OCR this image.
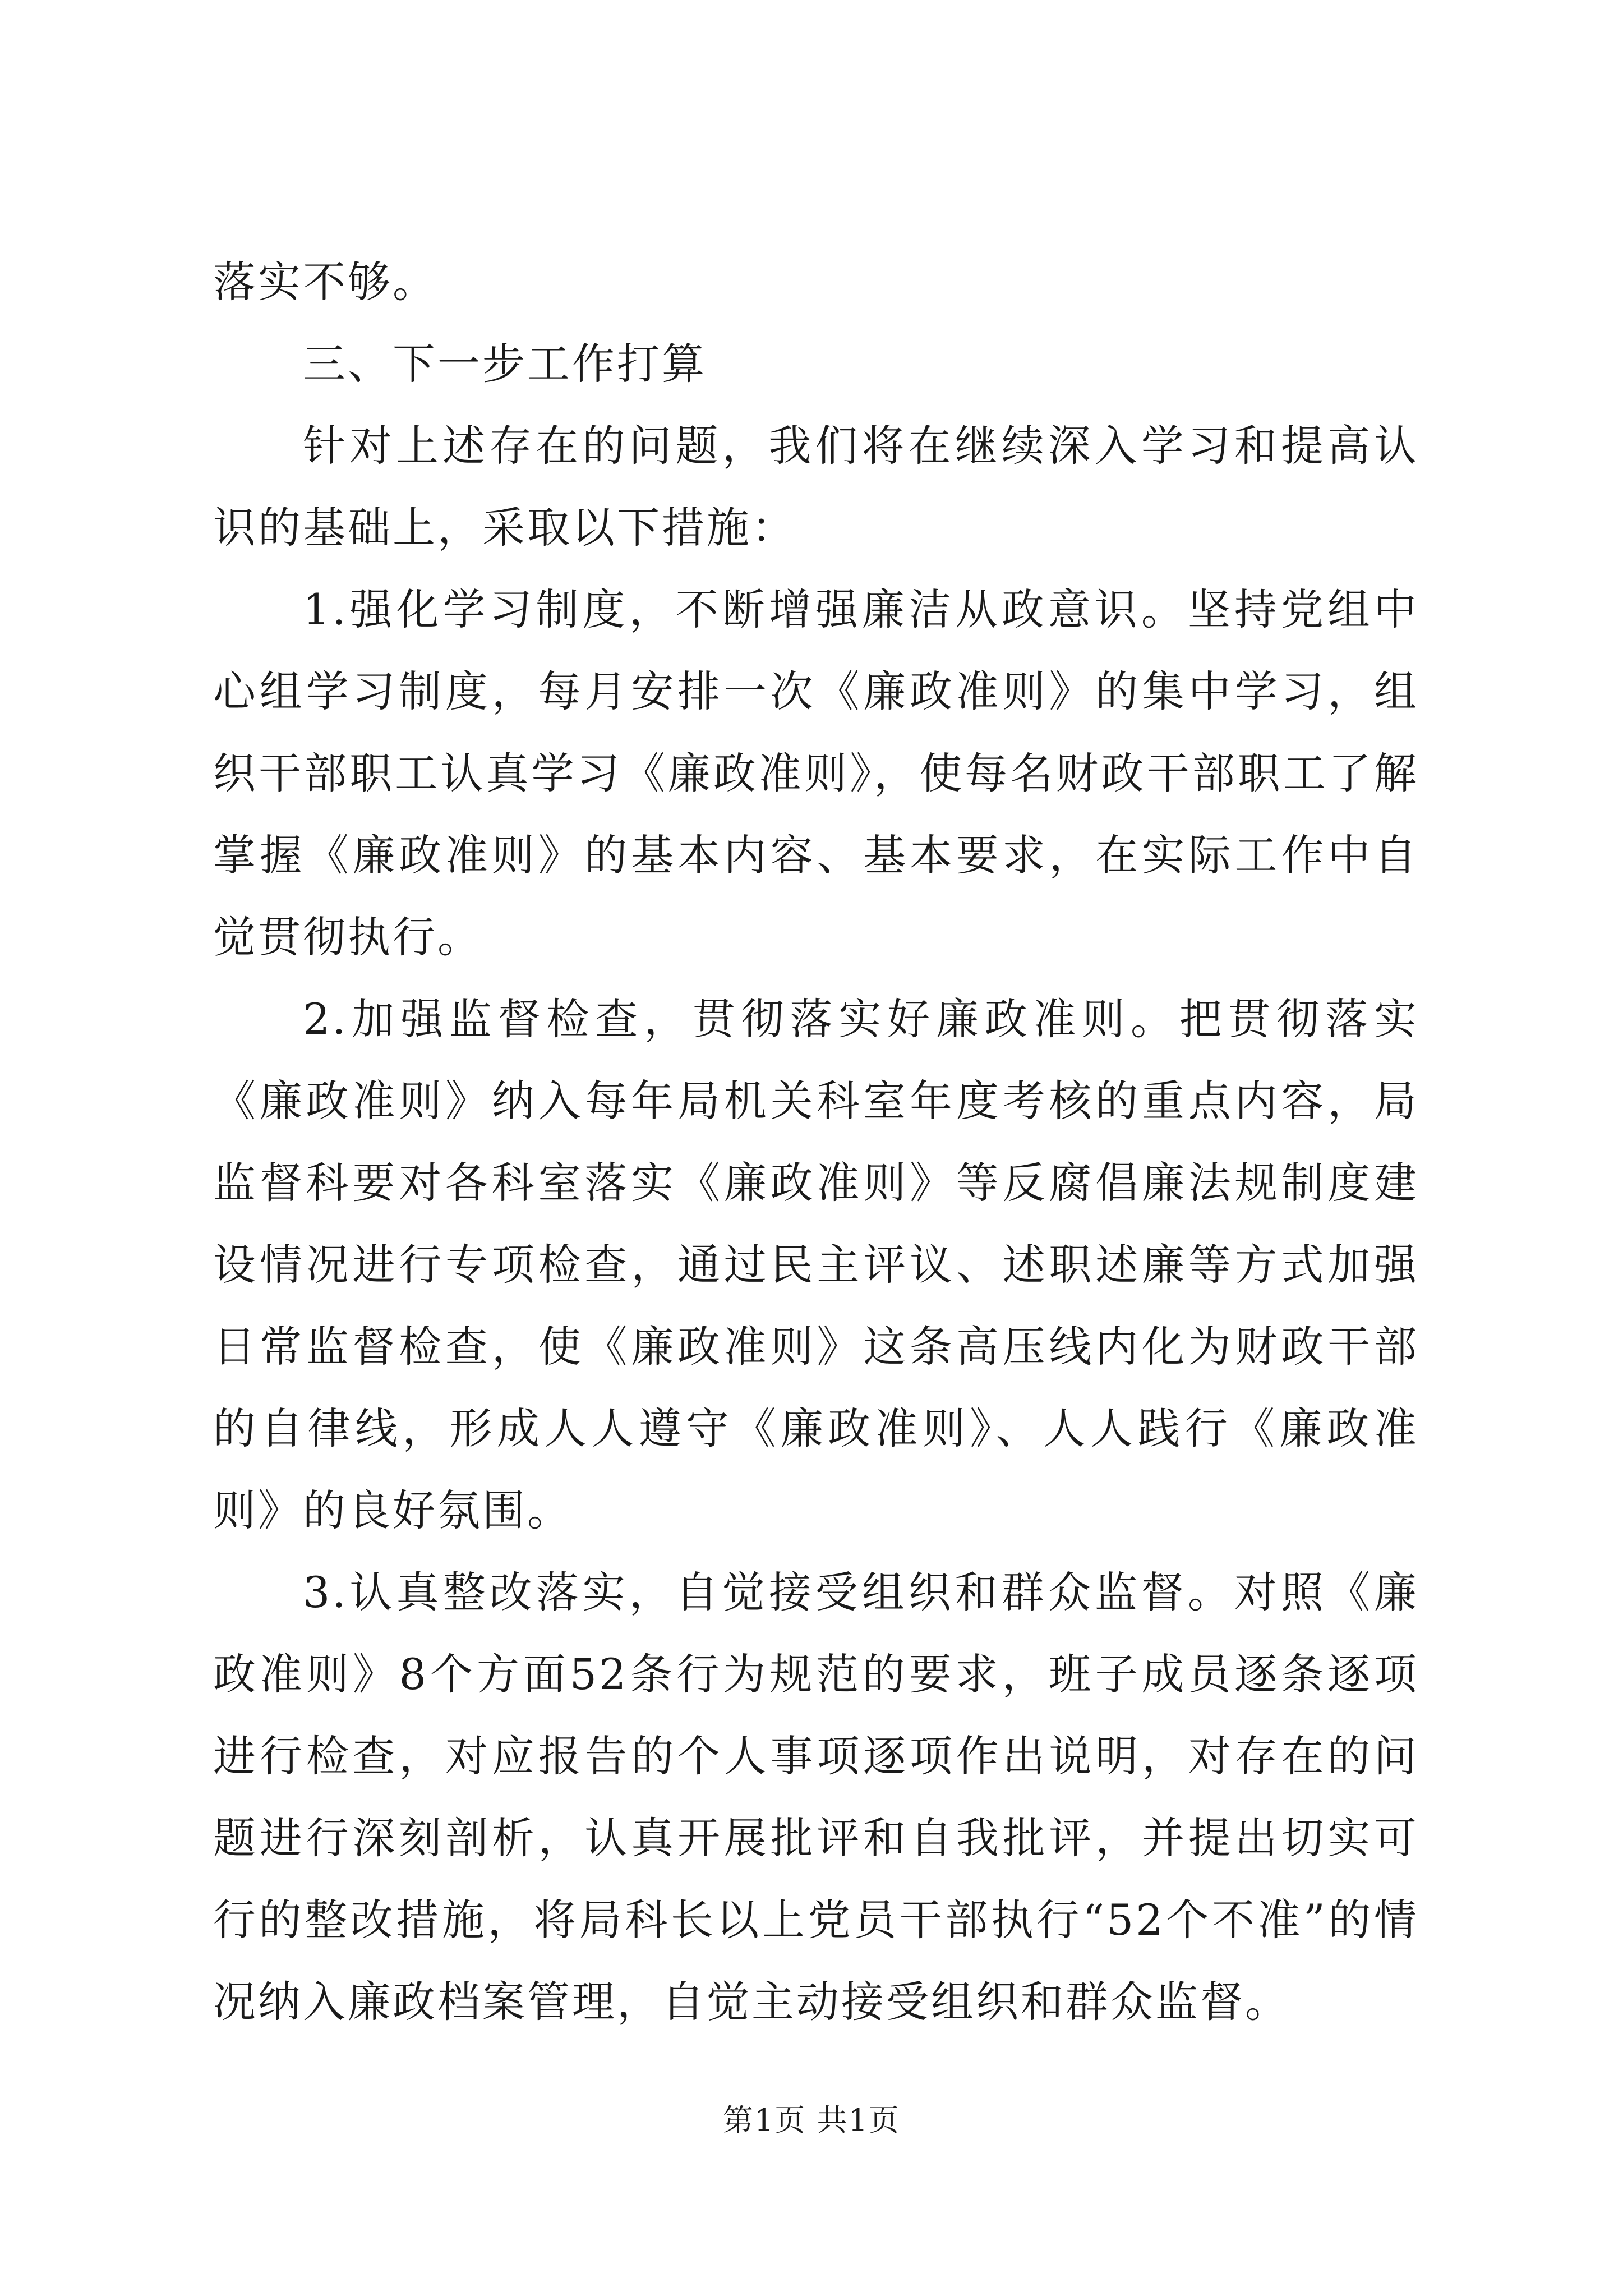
落实不够。

三、下一步工作打算

针对上述存在的问题，我们将在继续深入学习和提高认识的基础上，采取以下措施：

1.强化学习制度，不断增强廉洁从政意识。坚持党组中心组学习制度，每月安排一次《廉政准则》的集中学习，组织干部职工认真学习《廉政准则》，使每名财政干部职工了解掌握《廉政准则》的基本内容、基本要求，在实际工作中自觉贯彻执行。

2.加强监督检查，贯彻落实好廉政准则。把贯彻落实《廉政准则》纳入每年局机关科室年度考核的重点内容，局监督科要对各科室落实《廉政准则》等反腐倡廉法规制度建设情况进行专项检查，通过民主评议、述职述廉等方式加强日常监督检查，使《廉政准则》这条高压线内化为财政干部的自律线，形成人人遵守《廉政准则》、人人践行《廉政准则》的良好氛围。

3.认真整改落实，自觉接受组织和群众监督。对照《廉政准则》8个方面52条行为规范的要求，班子成员逐条逐项进行检查，对应报告的个人事项逐项作出说明，对存在的问题进行深刻剖析，认真开展批评和自我批评，并提出切实可行的整改措施，将局科长以上党员干部执行“52个不准”的情况纳入廉政档案管理，自觉主动接受组织和群众监督。

第1页 共1页
